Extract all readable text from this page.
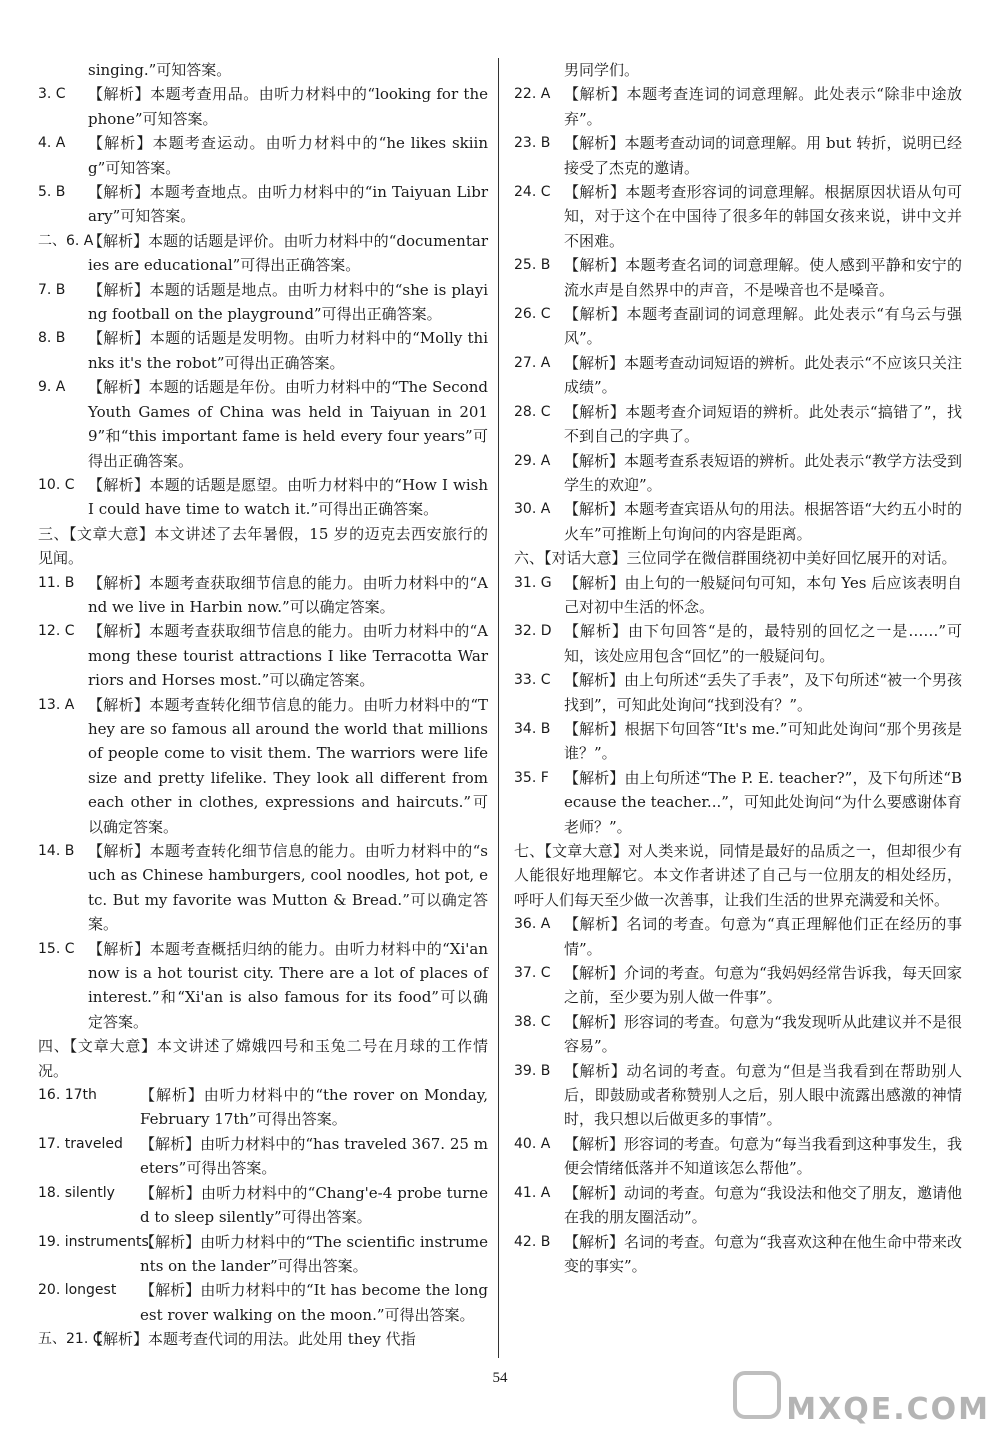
singing.”可知答案。
3. C	【解析】本题考查用品。由听力材料中的“looking for the phone”可知答案。
4. A	【解析】本题考查运动。由听力材料中的“he likes skiing”可知答案。
5. B	【解析】本题考查地点。由听力材料中的“in Taiyuan Library”可知答案。
二、6. A
【解析】本题的话题是评价。由听力材料中的“documentaries are educational”可得出正确答案。
7. B	【解析】本题的话题是地点。由听力材料中的“she is playing football on the playground”可得出正确答案。
8. B	【解析】本题的话题是发明物。由听力材料中的“Molly thinks it's the robot”可得出正确答案。
9. A	【解析】本题的话题是年份。由听力材料中的“The Second Youth Games of China was held in Taiyuan in 2019”和“this important fame is held every four years”可得出正确答案。
10. C 【解析】本题的话题是愿望。由听力材料中的“How I wish I could have time to watch it.”可得出正确答案。
三、【文章大意】本文讲述了去年暑假，15 岁的迈克去西安旅行的见闻。
11. B 【解析】本题考查获取细节信息的能力。由听力材料中的“And we live in Harbin now.”可以确定答案。
12. C 【解析】本题考查获取细节信息的能力。由听力材料中的“Among these tourist attractions I like Terracotta Warriors and Horses most.”可以确定答案。
13. A 【解析】本题考查转化细节信息的能力。由听力材料中的“They are so famous all around the world that millions of people come to visit them. The warriors were lifesize and pretty lifelike. They look all different from each other in clothes, expressions and haircuts.”可以确定答案。
14. B 【解析】本题考查转化细节信息的能力。由听力材料中的“such as Chinese hamburgers, cool noodles, hot pot, etc. But my favorite was Mutton & Bread.”可以确定答案。
15. C 【解析】本题考查概括归纳的能力。由听力材料中的“Xi'an now is a hot tourist city. There are a lot of places of interest.”和“Xi'an is also famous for its food”可以确定答案。
四、【文章大意】本文讲述了嫦娥四号和玉兔二号在月球的工作情况。
16. 17th	【解析】由听力材料中的“the rover on Monday, February 17th”可得出答案。
17. traveled	【解析】由听力材料中的“has traveled 367. 25 meters”可得出答案。
18. silently	【解析】由听力材料中的“Chang'e-4 probe turned to sleep silently”可得出答案。
19. instruments
【解析】由听力材料中的“The scientific instruments on the lander”可得出答案。
20. longest	【解析】由听力材料中的“It has become the longest rover walking on the moon.”可得出答案。
五、21. C
【解析】本题考查代词的用法。此处用 they 代指
男同学们。
22. A 【解析】本题考查连词的词意理解。此处表示“除非中途放弃”。
23. B 【解析】本题考查动词的词意理解。用 but 转折，说明已经接受了杰克的邀请。
24. C 【解析】本题考查形容词的词意理解。根据原因状语从句可知，对于这个在中国待了很多年的韩国女孩来说，讲中文并不困难。
25. B 【解析】本题考查名词的词意理解。使人感到平静和安宁的流水声是自然界中的声音，不是噪音也不是嗓音。
26. C 【解析】本题考查副词的词意理解。此处表示“有乌云与强风”。
27. A 【解析】本题考查动词短语的辨析。此处表示“不应该只关注成绩”。
28. C 【解析】本题考查介词短语的辨析。此处表示“搞错了”，找不到自己的字典了。
29. A 【解析】本题考查系表短语的辨析。此处表示“教学方法受到学生的欢迎”。
30. A 【解析】本题考查宾语从句的用法。根据答语“大约五小时的火车”可推断上句询问的内容是距离。
六、【对话大意】三位同学在微信群围绕初中美好回忆展开的对话。
31. G 【解析】由上句的一般疑问句可知，本句 Yes 后应该表明自己对初中生活的怀念。
32. D 【解析】由下句回答“是的，最特别的回忆之一是……”可知，该处应用包含“回忆”的一般疑问句。
33. C 【解析】由上句所述“丢失了手表”，及下句所述“被一个男孩找到”，可知此处询问“找到没有？”。
34. B 【解析】根据下句回答“It's me.”可知此处询问“那个男孩是谁？”。
35. F	【解析】由上句所述“The P. E. teacher?”，及下句所述“Because the teacher...”，可知此处询问“为什么要感谢体育老师？”。
七、【文章大意】对人类来说，同情是最好的品质之一，但却很少有人能很好地理解它。本文作者讲述了自己与一位朋友的相处经历，呼吁人们每天至少做一次善事，让我们生活的世界充满爱和关怀。
36. A 【解析】名词的考查。句意为“真正理解他们正在经历的事情”。
37. C 【解析】介词的考查。句意为“我妈妈经常告诉我，每天回家之前，至少要为别人做一件事”。
38. C 【解析】形容词的考查。句意为“我发现听从此建议并不是很容易”。
39. B 【解析】动名词的考查。句意为“但是当我看到在帮助别人后，即鼓励或者称赞别人之后，别人眼中流露出感激的神情时，我只想以后做更多的事情”。
40. A 【解析】形容词的考查。句意为“每当我看到这种事发生，我便会情绪低落并不知道该怎么帮他”。
41. A 【解析】动词的考查。句意为“我设法和他交了朋友，邀请他在我的朋友圈活动”。
42. B 【解析】名词的考查。句意为“我喜欢这种在他生命中带来改变的事实”。
54
MXQE.COM
